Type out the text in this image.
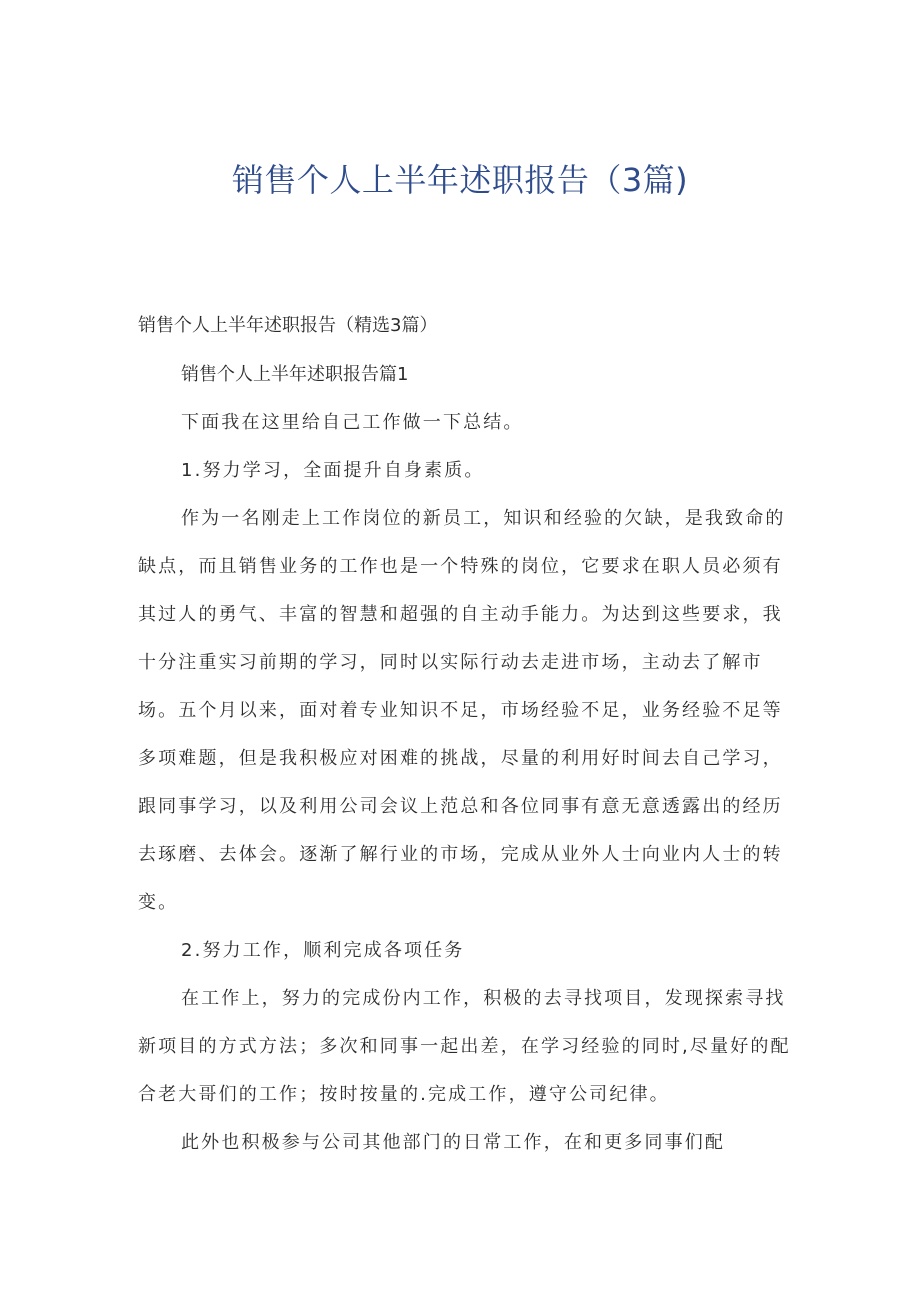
销售个人上半年述职报告（3篇)

销售个人上半年述职报告（精选3篇）

销售个人上半年述职报告篇1

下面我在这里给自己工作做一下总结。

1.努力学习，全面提升自身素质。

作为一名刚走上工作岗位的新员工，知识和经验的欠缺，是我致命的

缺点，而且销售业务的工作也是一个特殊的岗位，它要求在职人员必须有

其过人的勇气、丰富的智慧和超强的自主动手能力。为达到这些要求，我

十分注重实习前期的学习，同时以实际行动去走进市场，主动去了解市

场。五个月以来，面对着专业知识不足，市场经验不足，业务经验不足等

多项难题，但是我积极应对困难的挑战，尽量的利用好时间去自己学习，

跟同事学习，以及利用公司会议上范总和各位同事有意无意透露出的经历

去琢磨、去体会。逐渐了解行业的市场，完成从业外人士向业内人士的转

变。

2.努力工作，顺利完成各项任务

在工作上，努力的完成份内工作，积极的去寻找项目，发现探索寻找

新项目的方式方法；多次和同事一起出差，在学习经验的同时,尽量好的配

合老大哥们的工作；按时按量的.完成工作，遵守公司纪律。

此外也积极参与公司其他部门的日常工作，在和更多同事们配
